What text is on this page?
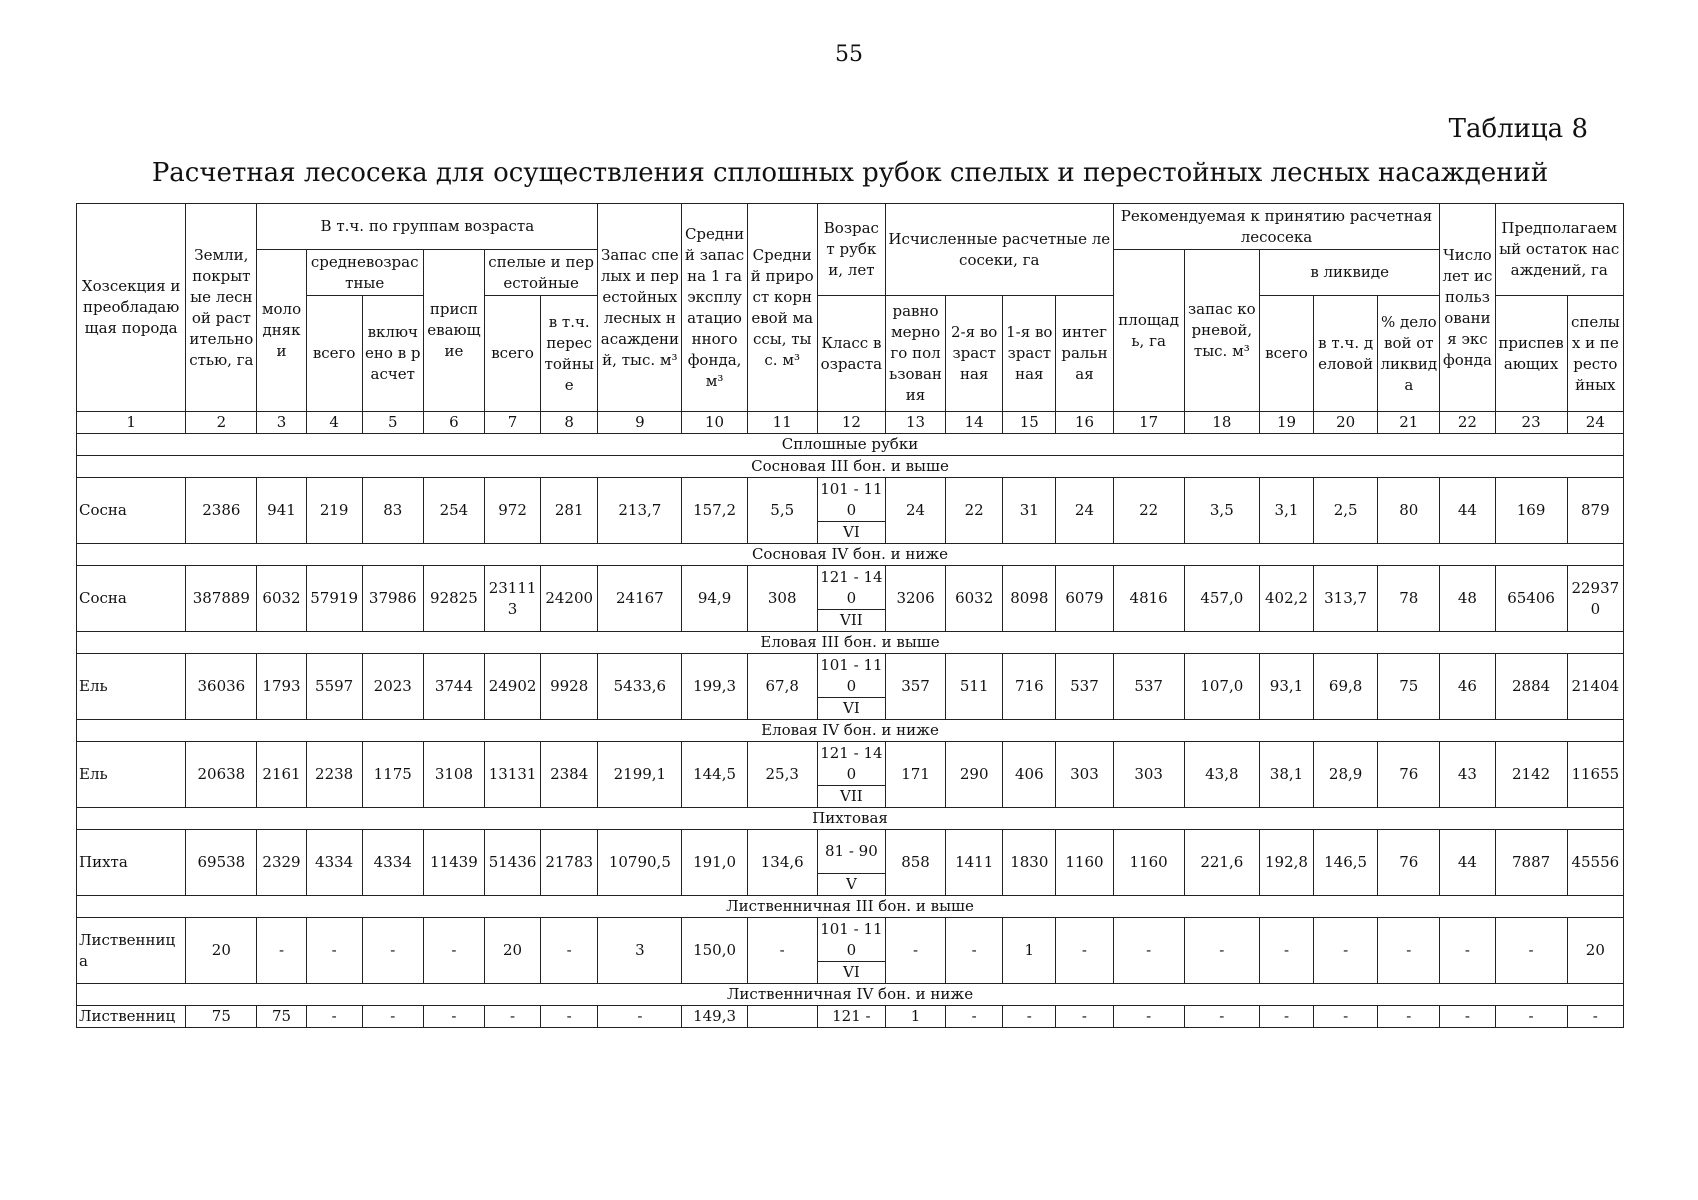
55
Таблица 8
Расчетная лесосека для осуществления сплошных рубок спелых и перестойных лесных насаждений
Хозсекция и преобладающая порода	Земли, покрытые лесной растительностью, га	В т.ч. по группам возраста						Запас спелых и перестойных лесных насаждений, тыс. м³	Средний запас на 1 га эксплуатационного фонда, м³	Средний прирост корневой массы, тыс. м³	Возраст рубки, лет	Исчисленные расчетные лесосеки, га				Рекомендуемая к принятию расчетная лесосека					Число лет использования экс фонда	Предполагаемый остаток насаждений, га	
		молодняки	средневозрастные		приспевающие	спелые и перестойные										площадь, га	запас корневой, тыс. м³	в ликвиде					
			всего	включено в расчет		всего	в т.ч. перестойные				Класс возраста	равномерного пользования	2-я возрастная	1-я возрастная	интегральная			всего	в т.ч. деловой	% деловой от ликвида		приспевающих	спелых и перестойных

1	2	3	4	5	6	7	8	9	10	11	12	13	14	15	16	17	18	19	20	21	22	23	24
Сплошные рубки																							
Сосновая III бон. и выше																							
Сосна	2386	941	219	83	254	972	281	213,7	157,2	5,5	101 - 110	24	22	31	24	22	3,5	3,1	2,5	80	44	169	879
											VI												
Сосновая IV бон. и ниже																							
Сосна	387889	6032	57919	37986	92825	231113	24200	24167	94,9	308	121 - 140	3206	6032	8098	6079	4816	457,0	402,2	313,7	78	48	65406	229370
											VII												
Еловая III бон. и выше																							
Ель	36036	1793	5597	2023	3744	24902	9928	5433,6	199,3	67,8	101 - 110	357	511	716	537	537	107,0	93,1	69,8	75	46	2884	21404
											VI												
Еловая IV бон. и ниже																							
Ель	20638	2161	2238	1175	3108	13131	2384	2199,1	144,5	25,3	121 - 140	171	290	406	303	303	43,8	38,1	28,9	76	43	2142	11655
											VII												
Пихтовая																							
Пихта	69538	2329	4334	4334	11439	51436	21783	10790,5	191,0	134,6	81 - 90	858	1411	1830	1160	1160	221,6	192,8	146,5	76	44	7887	45556
											V												
Лиственничная III бон. и выше																							
Лиственница	20	-	-	-	-	20	-	3	150,0	-	101 - 110	-	-	1	-	-	-	-	-	-	-	-	20
											VI												
Лиственничная IV бон. и ниже																							
Лиственниц	75	75	-	-	-	-	-	-	149,3		121 -	1	-	-	-	-	-	-	-	-	-	-	-
